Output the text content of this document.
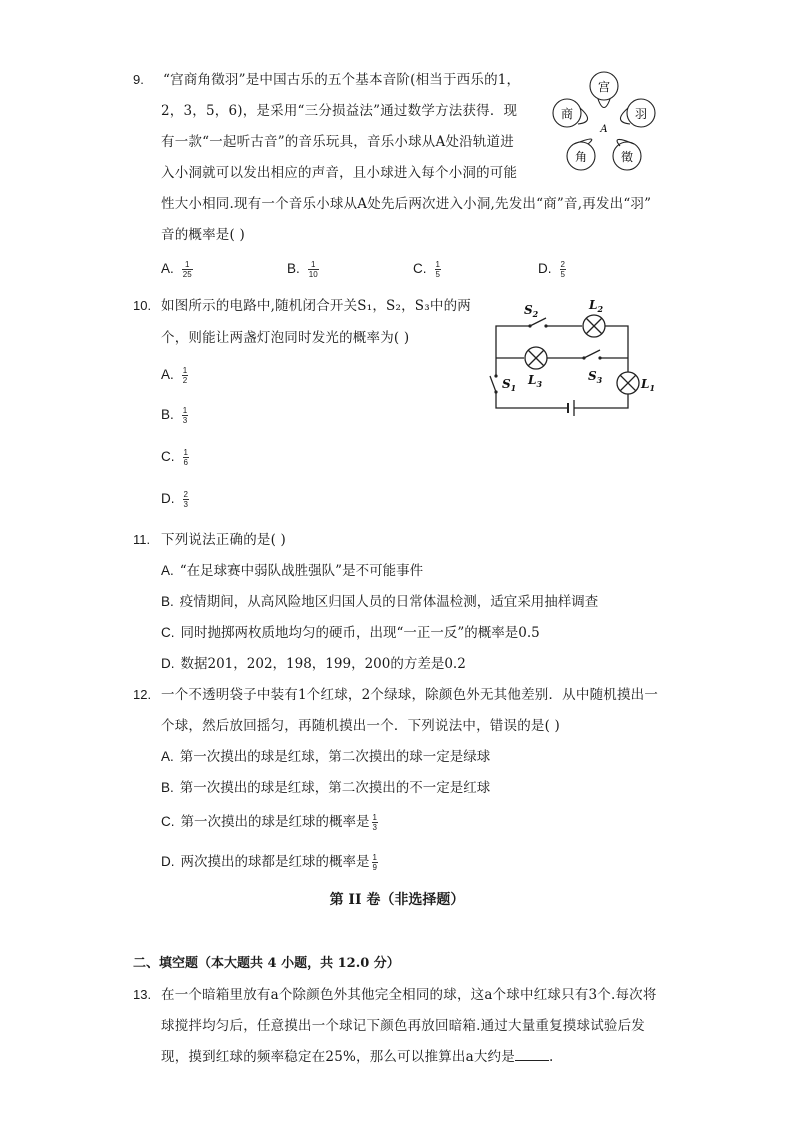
9. “宫商角徵羽”是中国古乐的五个基本音阶(相当于西乐的1，
2，3，5，6)，是采用“三分损益法”通过数学方法获得．现
有一款“一起听古音”的音乐玩具，音乐小球从A处沿轨道进
入小洞就可以发出相应的声音，且小球进入每个小洞的可能
性大小相同.现有一个音乐小球从A处先后两次进入小洞,先发出“商”音,再发出“羽”
音的概率是( )
A. $\frac{1}{25}$	B. $\frac{1}{10}$	C. $\frac{1}{5}$	D. $\frac{2}{5}$
宫
羽
徵
角
商
A
10. 如图所示的电路中,随机闭合开关S₁，S₂，S₃中的两
个，则能让两盏灯泡同时发光的概率为( )
A. $\frac{1}{2}$
B. $\frac{1}{3}$
C. $\frac{1}{6}$
D. $\frac{2}{3}$
$S_2$
$L_2$
$L_3$
$S_3$	$L_1$
$S_1$
11. 下列说法正确的是( )
A. “在足球赛中弱队战胜强队”是不可能事件
B. 疫情期间，从高风险地区归国人员的日常体温检测，适宜采用抽样调查
C. 同时抛掷两枚质地均匀的硬币，出现“一正一反”的概率是0.5
D. 数据201，202，198，199，200的方差是0.2
12. 一个不透明袋子中装有1个红球，2个绿球，除颜色外无其他差别．从中随机摸出一
个球，然后放回摇匀，再随机摸出一个．下列说法中，错误的是( )
A. 第一次摸出的球是红球，第二次摸出的球一定是绿球
B. 第一次摸出的球是红球，第二次摸出的不一定是红球
C. 第一次摸出的球是红球的概率是 $\frac{1}{3}$
D. 两次摸出的球都是红球的概率是 $\frac{1}{9}$
第 II 卷（非选择题）
二、填空题（本大题共 4 小题，共 12.0 分）
13. 在一个暗箱里放有a个除颜色外其他完全相同的球，这a个球中红球只有3个.每次将
球搅拌均匀后，任意摸出一个球记下颜色再放回暗箱.通过大量重复摸球试验后发
现，摸到红球的频率稳定在25%，那么可以推算出a大约是	.
